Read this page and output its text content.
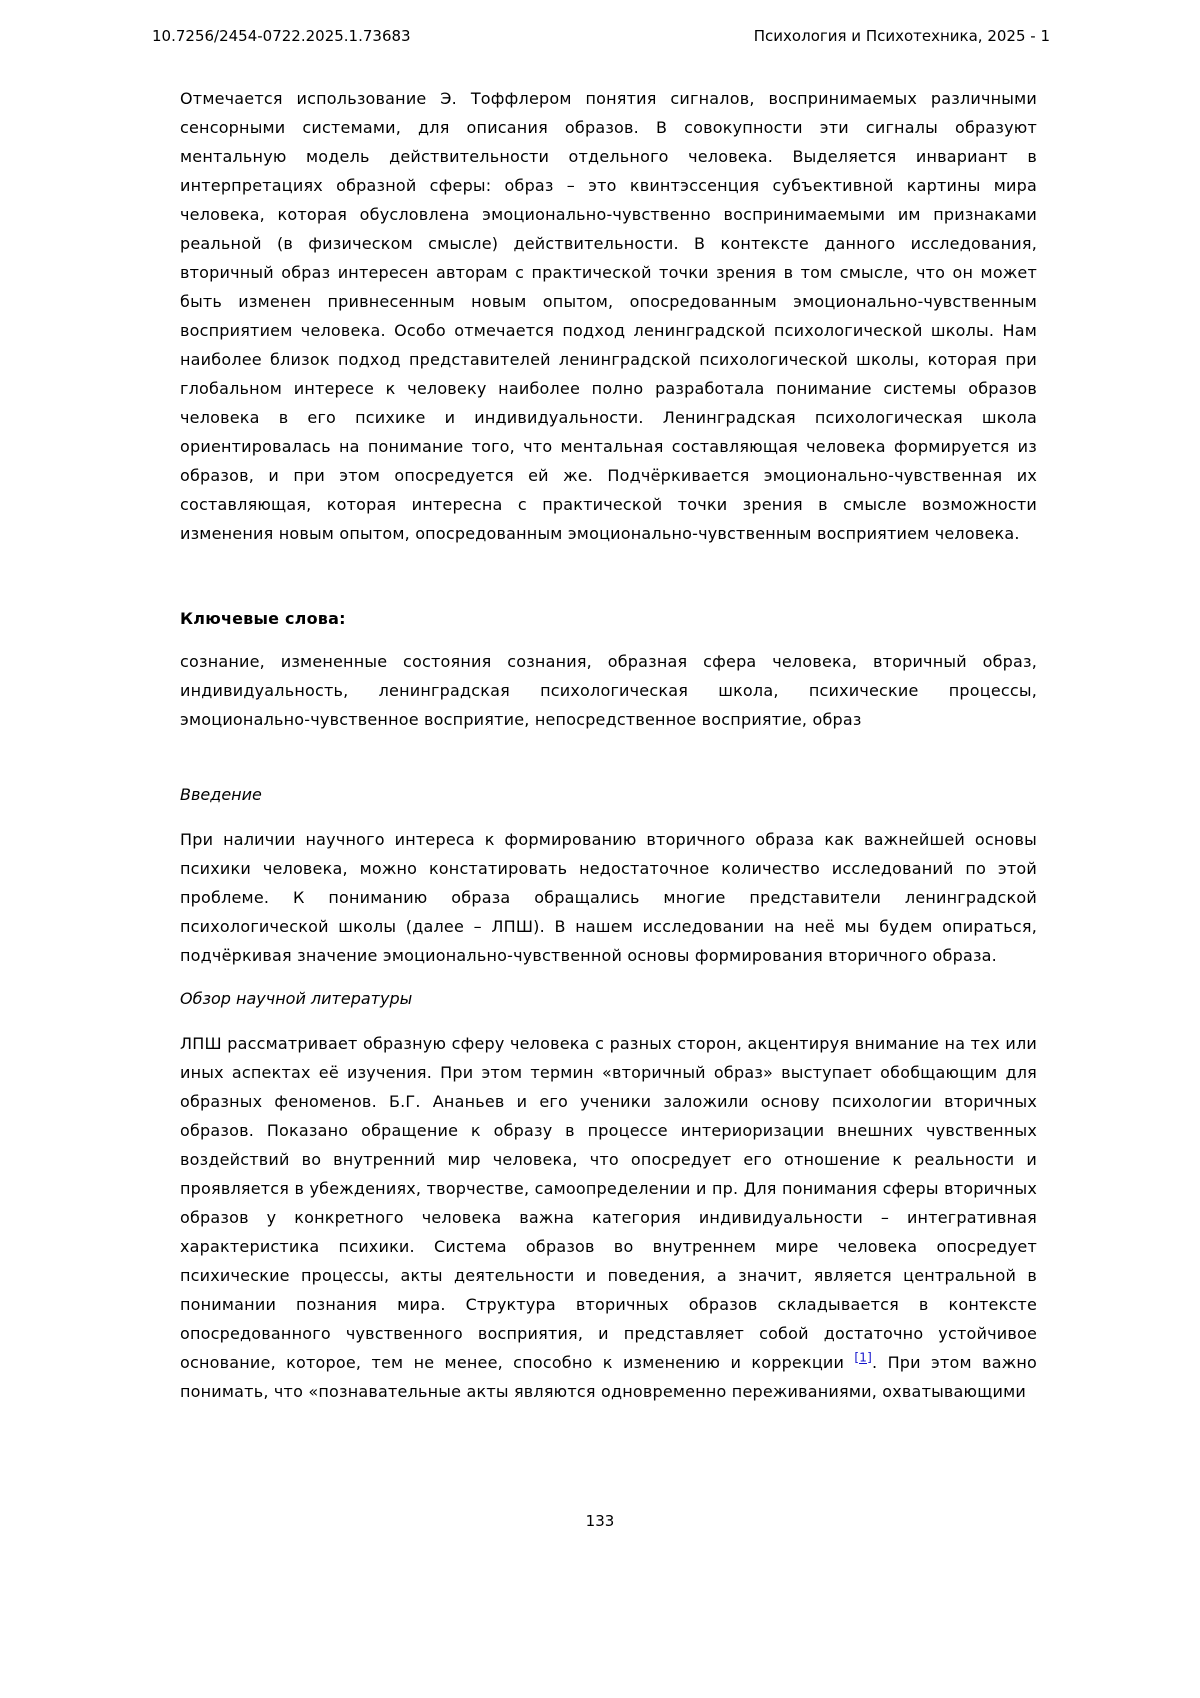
10.7256/2454-0722.2025.1.73683	Психология и Психотехника, 2025 - 1

Отмечается использование Э. Тоффлером понятия сигналов, воспринимаемых различными сенсорными системами, для описания образов. В совокупности эти сигналы образуют ментальную модель действительности отдельного человека. Выделяется инвариант в интерпретациях образной сферы: образ – это квинтэссенция субъективной картины мира человека, которая обусловлена эмоционально-чувственно воспринимаемыми им признаками реальной (в физическом смысле) действительности. В контексте данного исследования, вторичный образ интересен авторам с практической точки зрения в том смысле, что он может быть изменен привнесенным новым опытом, опосредованным эмоционально-чувственным восприятием человека. Особо отмечается подход ленинградской психологической школы. Нам наиболее близок подход представителей ленинградской психологической школы, которая при глобальном интересе к человеку наиболее полно разработала понимание системы образов человека в его психике и индивидуальности. Ленинградская психологическая школа ориентировалась на понимание того, что ментальная составляющая человека формируется из образов, и при этом опосредуется ей же. Подчёркивается эмоционально-чувственная их составляющая, которая интересна с практической точки зрения в смысле возможности изменения новым опытом, опосредованным эмоционально-чувственным восприятием человека.

Ключевые слова:

сознание, измененные состояния сознания, образная сфера человека, вторичный образ, индивидуальность, ленинградская психологическая школа, психические процессы, эмоционально-чувственное восприятие, непосредственное восприятие, образ

Введение

При наличии научного интереса к формированию вторичного образа как важнейшей основы психики человека, можно констатировать недостаточное количество исследований по этой проблеме. К пониманию образа обращались многие представители ленинградской психологической школы (далее – ЛПШ). В нашем исследовании на неё мы будем опираться, подчёркивая значение эмоционально-чувственной основы формирования вторичного образа.

Обзор научной литературы

ЛПШ рассматривает образную сферу человека с разных сторон, акцентируя внимание на тех или иных аспектах её изучения. При этом термин «вторичный образ» выступает обобщающим для образных феноменов. Б.Г. Ананьев и его ученики заложили основу психологии вторичных образов. Показано обращение к образу в процессе интериоризации внешних чувственных воздействий во внутренний мир человека, что опосредует его отношение к реальности и проявляется в убеждениях, творчестве, самоопределении и пр. Для понимания сферы вторичных образов у конкретного человека важна категория индивидуальности – интегративная характеристика психики. Система образов во внутреннем мире человека опосредует психические процессы, акты деятельности и поведения, а значит, является центральной в понимании познания мира. Структура вторичных образов складывается в контексте опосредованного чувственного восприятия, и представляет собой достаточно устойчивое основание, которое, тем не менее, способно к изменению и коррекции [1]. При этом важно понимать, что «познавательные акты являются одновременно переживаниями, охватывающими

133
